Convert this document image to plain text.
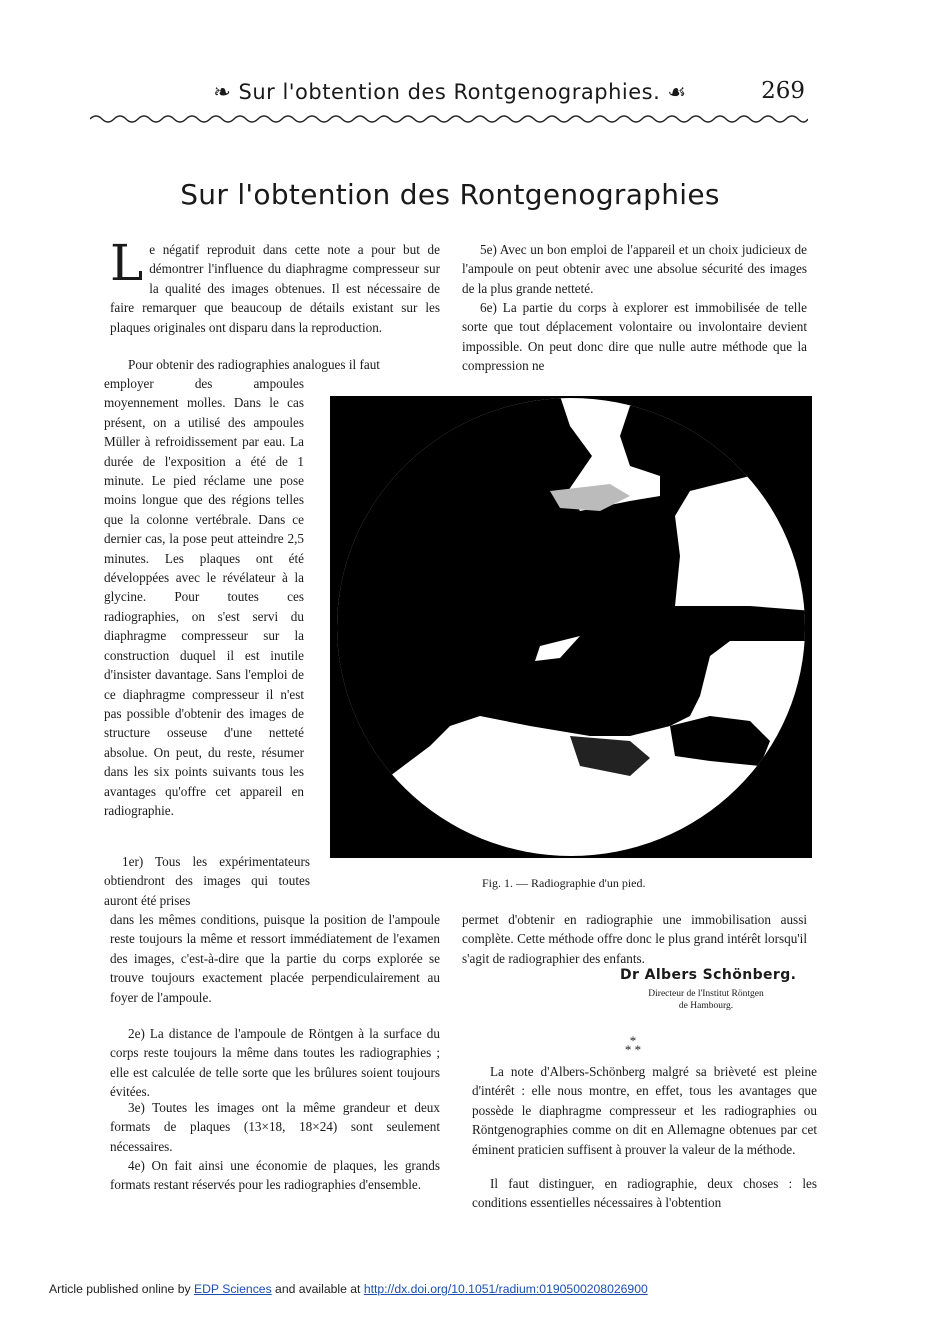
❧ Sur l'obtention des Rontgenographies. ☙	269
Sur l'obtention des Rontgenographies
Le négatif reproduit dans cette note a pour but de démontrer l'influence du diaphragme compresseur sur la qualité des images obtenues. Il est nécessaire de faire remarquer que beaucoup de détails existant sur les plaques originales ont disparu dans la reproduction.
Pour obtenir des radiographies analogues il faut
employer des ampoules moyennement molles. Dans le cas présent, on a utilisé des ampoules Müller à refroidissement par eau. La durée de l'exposition a été de 1 minute. Le pied réclame une pose moins longue que des régions telles que la colonne vertébrale. Dans ce dernier cas, la pose peut atteindre 2,5 minutes. Les plaques ont été développées avec le révélateur à la glycine. Pour toutes ces radiographies, on s'est servi du diaphragme compresseur sur la construction duquel il est inutile d'insister davantage. Sans l'emploi de ce diaphragme compresseur il n'est pas possible d'obtenir des images de structure osseuse d'une netteté absolue. On peut, du reste, résumer dans les six points suivants tous les avantages qu'offre cet appareil en radiographie.
1er) Tous les expérimentateurs obtiendront des images qui toutes auront été prises
dans les mêmes conditions, puisque la position de l'ampoule reste toujours la même et ressort immédiatement de l'examen des images, c'est-à-dire que la partie du corps explorée se trouve toujours exactement placée perpendiculairement au foyer de l'ampoule.
2e) La distance de l'ampoule de Röntgen à la surface du corps reste toujours la même dans toutes les radiographies ; elle est calculée de telle sorte que les brûlures soient toujours évitées.
3e) Toutes les images ont la même grandeur et deux formats de plaques (13×18, 18×24) sont seulement nécessaires.
4e) On fait ainsi une économie de plaques, les grands formats restant réservés pour les radiographies d'ensemble.
5e) Avec un bon emploi de l'appareil et un choix judicieux de l'ampoule on peut obtenir avec une absolue sécurité des images de la plus grande netteté.
6e) La partie du corps à explorer est immobilisée de telle sorte que tout déplacement volontaire ou involontaire devient impossible. On peut donc dire que nulle autre méthode que la compression ne
Fig. 1. — Radiographie d'un pied.
permet d'obtenir en radiographie une immobilisation aussi complète. Cette méthode offre donc le plus grand intérêt lorsqu'il s'agit de radiographier des enfants.
Dr Albers Schönberg.
Directeur de l'Institut Röntgen
de Hambourg.
*
* *
La note d'Albers-Schönberg malgré sa brièveté est pleine d'intérêt : elle nous montre, en effet, tous les avantages que possède le diaphragme compresseur et les radiographies ou Röntgenographies comme on dit en Allemagne obtenues par cet éminent praticien suffisent à prouver la valeur de la méthode.
Il faut distinguer, en radiographie, deux choses : les conditions essentielles nécessaires à l'obtention
Article published online by EDP Sciences and available at http://dx.doi.org/10.1051/radium:0190500208026900
